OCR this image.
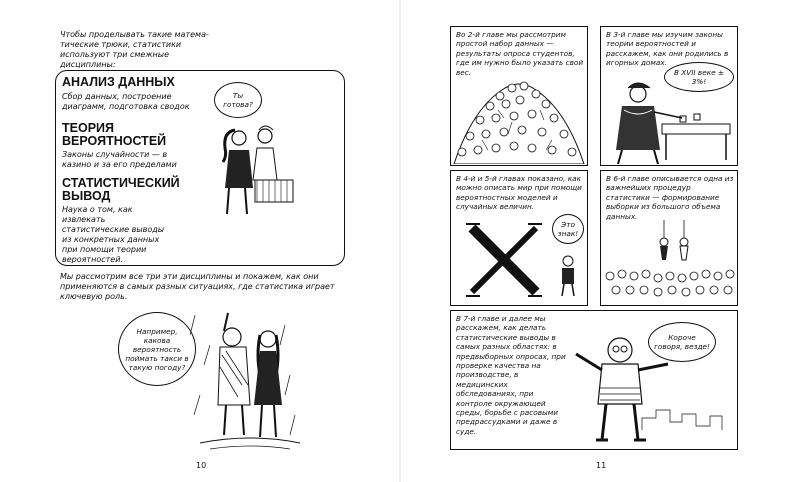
Чтобы проделывать такие матема-тические трюки, статистики используют три смежные дисциплины:
АНАЛИЗ ДАННЫХ
Сбор данных, построение диаграмм, подготовка сводок
ТЕОРИЯ ВЕРОЯТНОСТЕЙ
Законы случайности — в казино и за его пределами
СТАТИСТИЧЕСКИЙ ВЫВОД
Наука о том, как извлекать статистические выводы из конкретных данных при помощи теории вероятностей.
Ты готова?
Мы рассмотрим все три эти дисциплины и покажем, как они применяются в самых разных ситуациях, где статистика играет ключевую роль.
Например, какова вероятность поймать такси в такую погоду?
10
Во 2-й главе мы рассмотрим простой набор данных — результаты опроса студентов, где им нужно было указать свой вес.
В 3-й главе мы изучим законы теории вероятностей и расскажем, как они родились в игорных домах.
В XVII веке ± 3%!
В 4-й и 5-й главах показано, как можно описать мир при помощи вероятностных моделей и случайных величин.
Это знак!
В 6-й главе описывается одна из важнейших процедур статистики — формирование выборки из большого объема данных.
В 7-й главе и далее мы расскажем, как делать статистические выводы в самых разных областях: в предвыборных опросах, при проверке качества на производстве, в медицинских обследованиях, при контроле окружающей среды, борьбе с расовыми предрассудками и даже в суде.
Короче говоря, везде!
11
